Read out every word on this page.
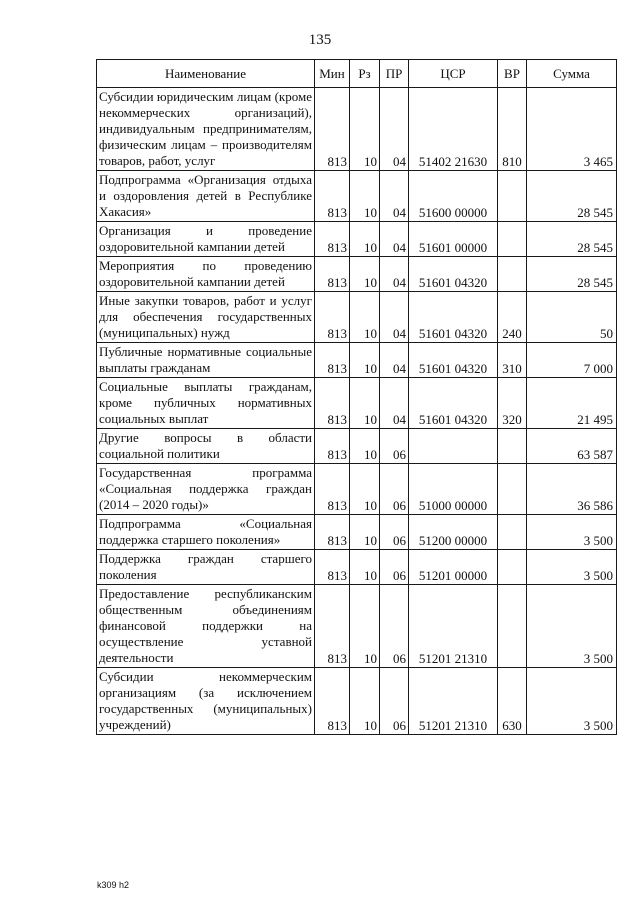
135
Наименование	Мин	Рз	ПР	ЦСР	ВР	Сумма
Субсидии юридическим лицам (кроме некоммерческих организаций), индивидуальным предпринимателям, физическим лицам – производителям товаров, работ, услуг	813	10	04	51402 21630	810	3 465
Подпрограмма «Организация отдыха и оздоровления детей в Республике Хакасия»	813	10	04	51600 00000		28 545
Организация и проведение оздоровительной кампании детей	813	10	04	51601 00000		28 545
Мероприятия по проведению оздоровительной кампании детей	813	10	04	51601 04320		28 545
Иные закупки товаров, работ и услуг для обеспечения государственных (муниципальных) нужд	813	10	04	51601 04320	240	50
Публичные нормативные социальные выплаты гражданам	813	10	04	51601 04320	310	7 000
Социальные выплаты гражданам, кроме публичных нормативных социальных выплат	813	10	04	51601 04320	320	21 495
Другие вопросы в области социальной политики	813	10	06			63 587
Государственная программа «Социальная поддержка граждан (2014 – 2020 годы)»	813	10	06	51000 00000		36 586
Подпрограмма «Социальная поддержка старшего поколения»	813	10	06	51200 00000		3 500
Поддержка граждан старшего поколения	813	10	06	51201 00000		3 500
Предоставление республиканским общественным объединениям финансовой поддержки на осуществление уставной деятельности	813	10	06	51201 21310		3 500
Субсидии некоммерческим организациям (за исключением государственных (муниципальных) учреждений)	813	10	06	51201 21310	630	3 500
k309 h2
